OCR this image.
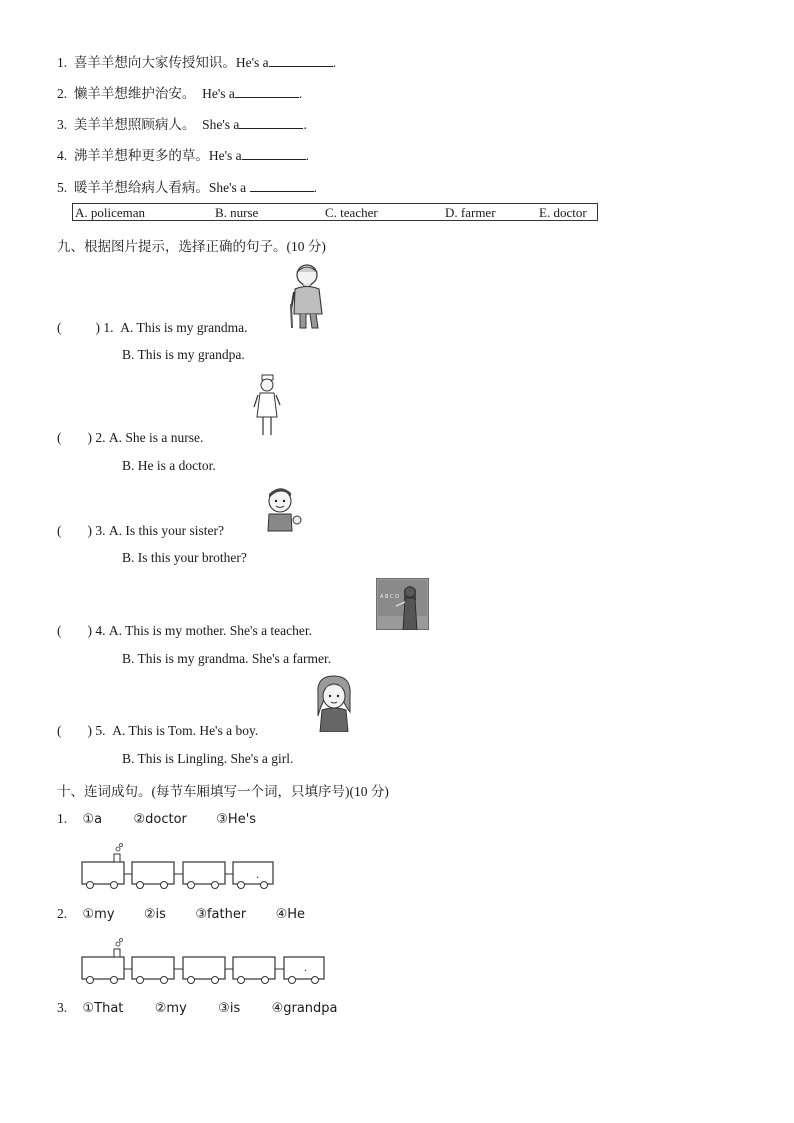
1. 喜羊羊想向大家传授知识。He's a	.
2. 懒羊羊想维护治安。 He's a	.
3. 美羊羊想照顾病人。 She's a	.
4. 沸羊羊想种更多的草。He's a	.
5. 暖羊羊想给病人看病。She's a	.
A. policeman	B. nurse	C. teacher	D. farmer	E. doctor
九、根据图片提示，选择正确的句子。(10 分)
(	) 1. A. This is my grandma.
B. This is my grandpa.
( ) 2. A. She is a nurse.
B. He is a doctor.
( ) 3. A. Is this your sister?
B. Is this your brother?
A B C D
( ) 4. A. This is my mother. She's a teacher.
B. This is my grandma. She's a farmer.
( ) 5. A. This is Tom. He's a boy.
B. This is Lingling. She's a girl.
十、连词成句。(每节车厢填写一个词，只填序号)(10 分)
1. ①a ②doctor ③He's
.
2. ①my ②is ③father ④He
.
3. ①That ②my ③is ④grandpa
